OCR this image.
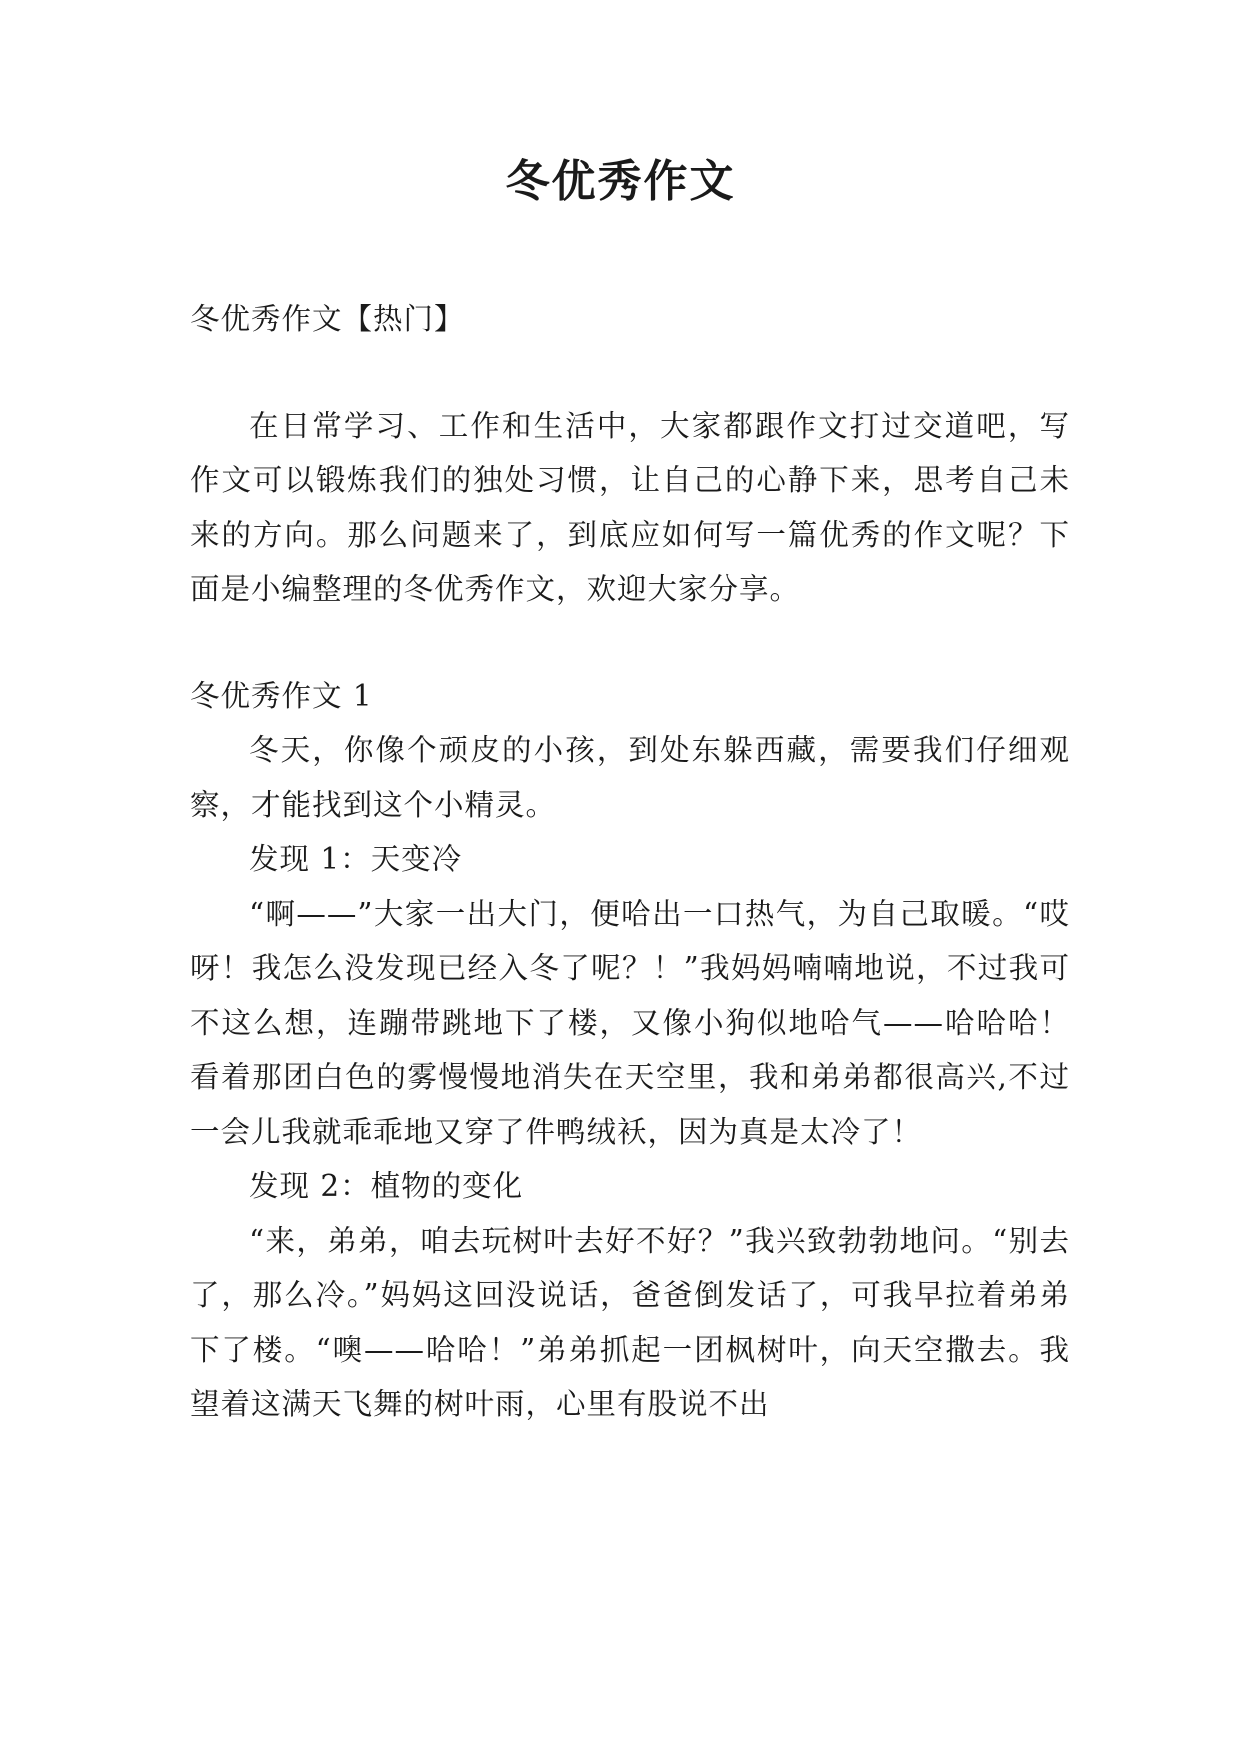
冬优秀作文

冬优秀作文【热门】

在日常学习、工作和生活中，大家都跟作文打过交道吧，写作文可以锻炼我们的独处习惯，让自己的心静下来，思考自己未来的方向。那么问题来了，到底应如何写一篇优秀的作文呢？下面是小编整理的冬优秀作文，欢迎大家分享。

冬优秀作文 1

冬天，你像个顽皮的小孩，到处东躲西藏，需要我们仔细观察，才能找到这个小精灵。

发现 1：天变冷

“啊——”大家一出大门，便哈出一口热气，为自己取暖。“哎呀！我怎么没发现已经入冬了呢？！”我妈妈喃喃地说，不过我可不这么想，连蹦带跳地下了楼，又像小狗似地哈气——哈哈哈！看着那团白色的雾慢慢地消失在天空里，我和弟弟都很高兴,不过一会儿我就乖乖地又穿了件鸭绒袄，因为真是太冷了！

发现 2：植物的变化

“来，弟弟，咱去玩树叶去好不好？”我兴致勃勃地问。“别去了，那么冷。”妈妈这回没说话，爸爸倒发话了，可我早拉着弟弟下了楼。“噢——哈哈！”弟弟抓起一团枫树叶，向天空撒去。我望着这满天飞舞的树叶雨，心里有股说不出
